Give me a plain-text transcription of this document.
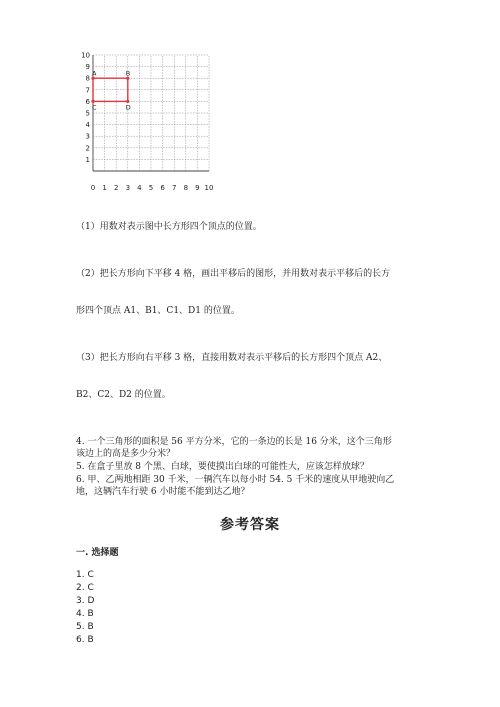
10
9
8
7
6
5
4
3
2
1
0 1 2 3 4 5 6 7 8 9 10
A	B
C	D
（1）用数对表示图中长方形四个顶点的位置。
（2）把长方形向下平移 4 格，画出平移后的图形，并用数对表示平移后的长方
形四个顶点 A1、B1、C1、D1 的位置。
（3）把长方形向右平移 3 格，直接用数对表示平移后的长方形四个顶点 A2、
B2、C2、D2 的位置。
4. 一个三角形的面积是 56 平方分米，它的一条边的长是 16 分米，这个三角形
该边上的高是多少分米？
5. 在盒子里放 8 个黑、白球，要使摸出白球的可能性大，应该怎样放球？
6. 甲、乙两地相距 30 千米，一辆汽车以每小时 54. 5 千米的速度从甲地驶向乙
地，这辆汽车行驶 6 小时能不能到达乙地？
参考答案
一. 选择题
1. C
2. C
3. D
4. B
5. B
6. B
